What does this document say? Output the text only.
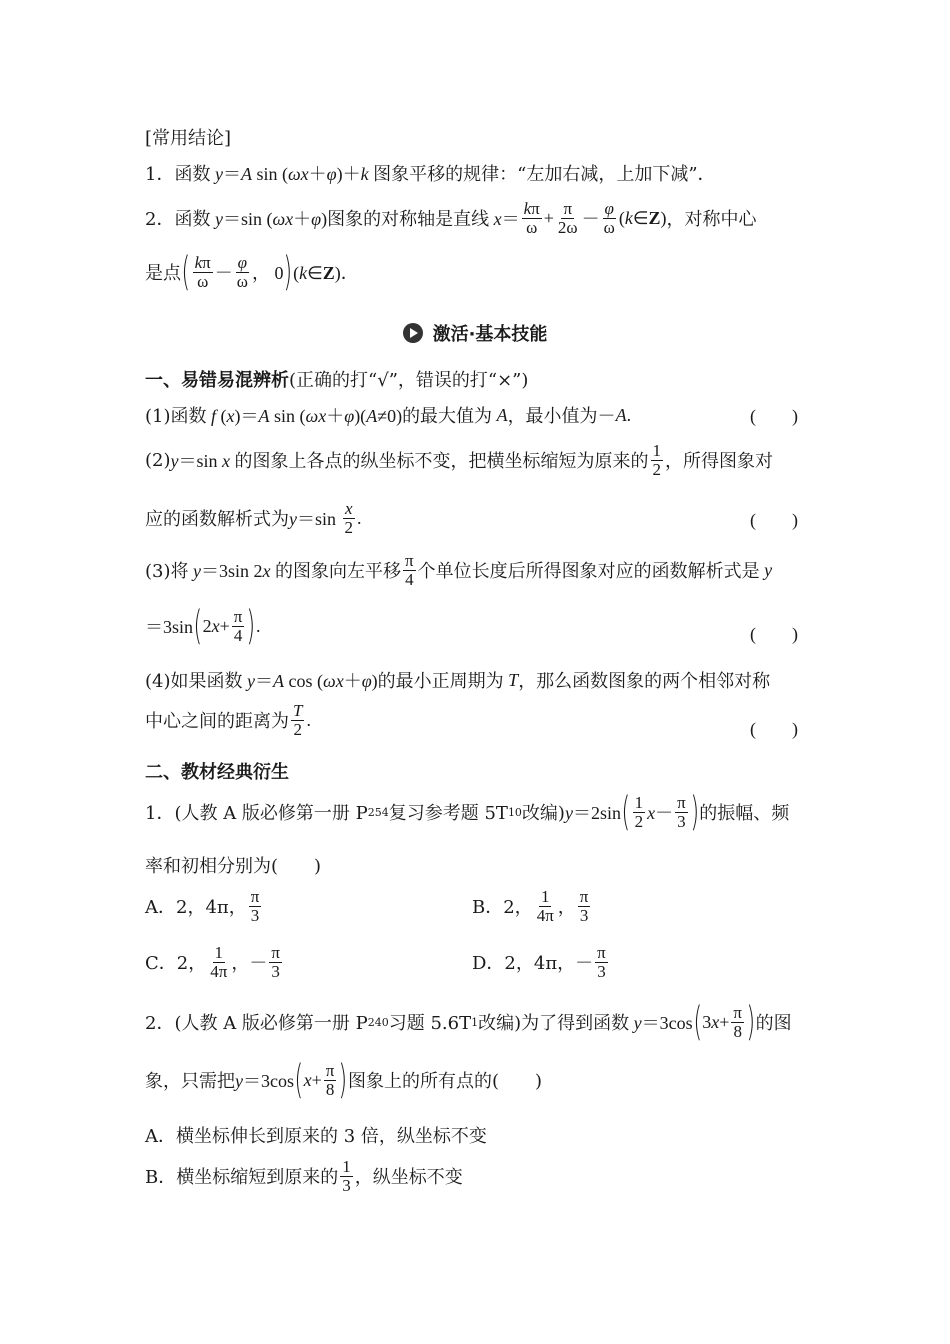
[常用结论]
1．函数 y＝A sin (ωx＋φ)＋k 图象平移的规律：“左加右减，上加下减”．
2．函数 y＝sin (ωx＋φ) 图象的对称轴是直线 $x= \frac{k\pi}{\omega} + \frac{\pi}{2\omega} - \frac{\varphi}{\omega}$ (k∈Z) ，对称中心
是点 ( $\frac{k\pi}{\omega} - \frac{\varphi}{\omega}$ ， 0 ) (k∈Z)．
激活·基本技能
一、易错易混辨析 (正确的打“√”，错误的打“×”)
(1)函数 f (x)＝A sin (ωx＋φ)(A≠0) 的最大值为 A ，最小值为－ A.	(　　)
(2) y＝sin x 的图象上各点的纵坐标不变，把横坐标缩短为原来的 $\frac{1}{2}$ ，所得图象对
应的函数解析式为 $y=\sin \frac{x}{2}$ .	(　　)
(3)将 y＝3sin 2x 的图象向左平移 $\frac{\pi}{4}$ 个单位长度后所得图象对应的函数解析式是 y
＝3sin ( $2x+ \frac{\pi}{4}$ ) .	(　　)
(4)如果函数 y＝A cos (ωx＋φ) 的最小正周期为 T ，那么函数图象的两个相邻对称
中心之间的距离为 $\frac{T}{2}$ .	(　　)
二、教材经典衍生
1．(人教 A 版必修第一册 P 254 复习参考题 5T 10 改编) y＝2sin ( $\frac{1}{2} x- \frac{\pi}{3}$ ) 的振幅、频
率和初相分别为(　　)
A．2，4π， $\frac{\pi}{3}$	B．2， $\frac{1}{4\pi}$ ， $\frac{\pi}{3}$
C．2， $\frac{1}{4\pi}$ ，－ $\frac{\pi}{3}$	D．2，4π，－ $\frac{\pi}{3}$
2．(人教 A 版必修第一册 P 240 习题 5.6T 1 改编)为了得到函数 y＝3cos ( $3x+ \frac{\pi}{8}$ ) 的图
象，只需把 y＝3cos ( $x+ \frac{\pi}{8}$ ) 图象上的所有点的(　　)
A．横坐标伸长到原来的 3 倍，纵坐标不变
B．横坐标缩短到原来的 $\frac{1}{3}$ ，纵坐标不变
